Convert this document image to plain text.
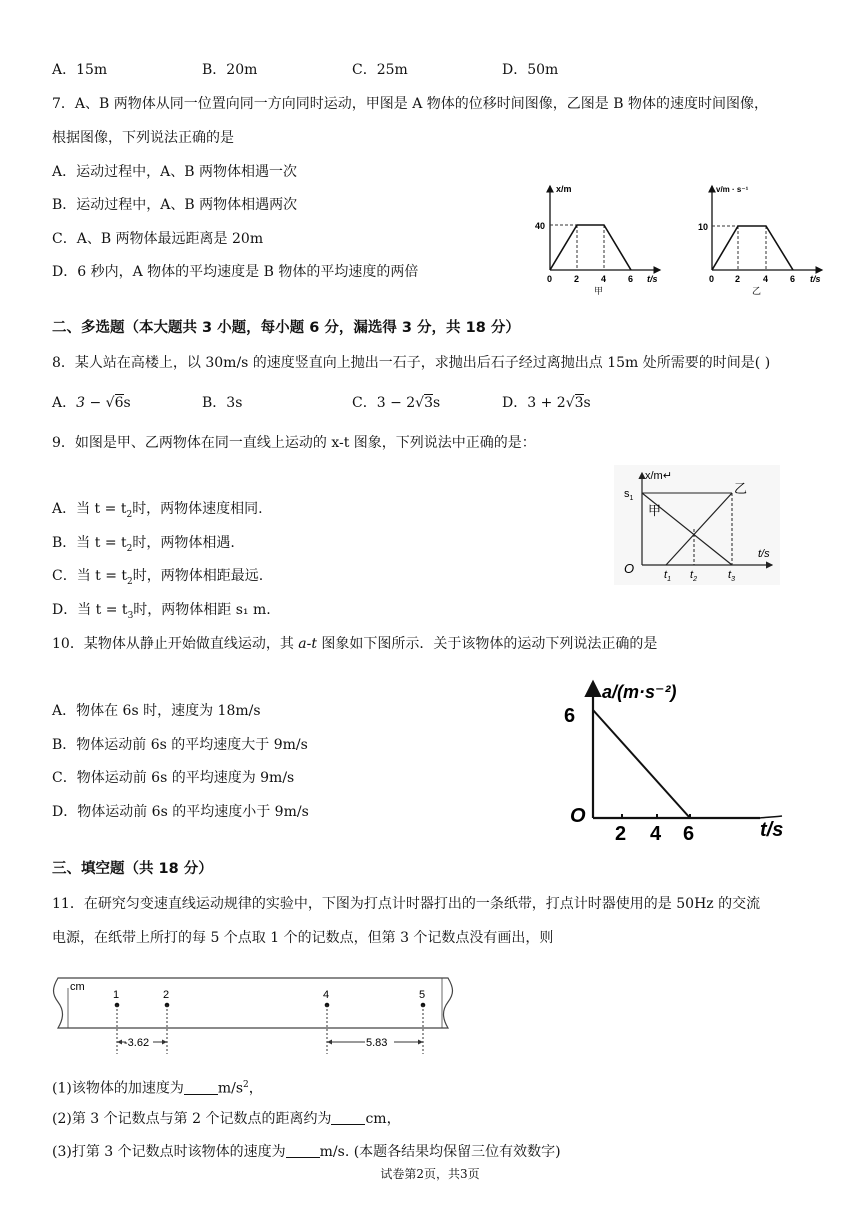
A．15m	B．20m	C．25m	D．50m
7．A、B 两物体从同一位置向同一方向同时运动，甲图是 A 物体的位移时间图像，乙图是 B 物体的速度时间图像，
根据图像，下列说法正确的是
A．运动过程中，A、B 两物体相遇一次
B．运动过程中，A、B 两物体相遇两次
C．A、B 两物体最远距离是 20m
D．6 秒内，A 物体的平均速度是 B 物体的平均速度的两倍
x/m
40
0 2 4 6 t/s
甲
v/m · s⁻¹
10
0 2	4 6 t/s
乙
二、多选题（本大题共 3 小题，每小题 6 分，漏选得 3 分，共 18 分）
8．某人站在高楼上，以 30m/s 的速度竖直向上抛出一石子，求抛出后石子经过离抛出点 15m 处所需要的时间是( )
A．3 − √6s	B．3s	C．3 − 2√3s	D．3 + 2√3s
9．如图是甲、乙两物体在同一直线上运动的 x-t 图象，下列说法中正确的是：
A．当 $t = t_2$时，两物体速度相同.
B．当 $t = t_2$时，两物体相遇.
C．当 $t = t_2$时，两物体相距最远.
D．当 $t = t_3$时，两物体相距 s₁ m.
x/m↵
$s_1$
甲
乙
O
t/s
$t_1$ $t_2$	$t_3$
10．某物体从静止开始做直线运动，其 a-t 图象如下图所示．关于该物体的运动下列说法正确的是
A．物体在 6s 时，速度为 18m/s
B．物体运动前 6s 的平均速度大于 9m/s
C．物体运动前 6s 的平均速度为 9m/s
D．物体运动前 6s 的平均速度小于 9m/s
a/(m·s⁻²)
6
O
2 4 6	t/s
三、填空题（共 18 分）
11．在研究匀变速直线运动规律的实验中，下图为打点计时器打出的一条纸带，打点计时器使用的是 50Hz 的交流
电源，在纸带上所打的每 5 个点取 1 个的记数点，但第 3 个记数点没有画出，则
cm
1	2	4	5
-3.62	5.83
(1)该物体的加速度为 $m/s^2$，
(2)第 3 个记数点与第 2 个记数点的距离约为 cm，
(3)打第 3 个记数点时该物体的速度为 m/s. (本题各结果均保留三位有效数字)
试卷第2页，共3页
